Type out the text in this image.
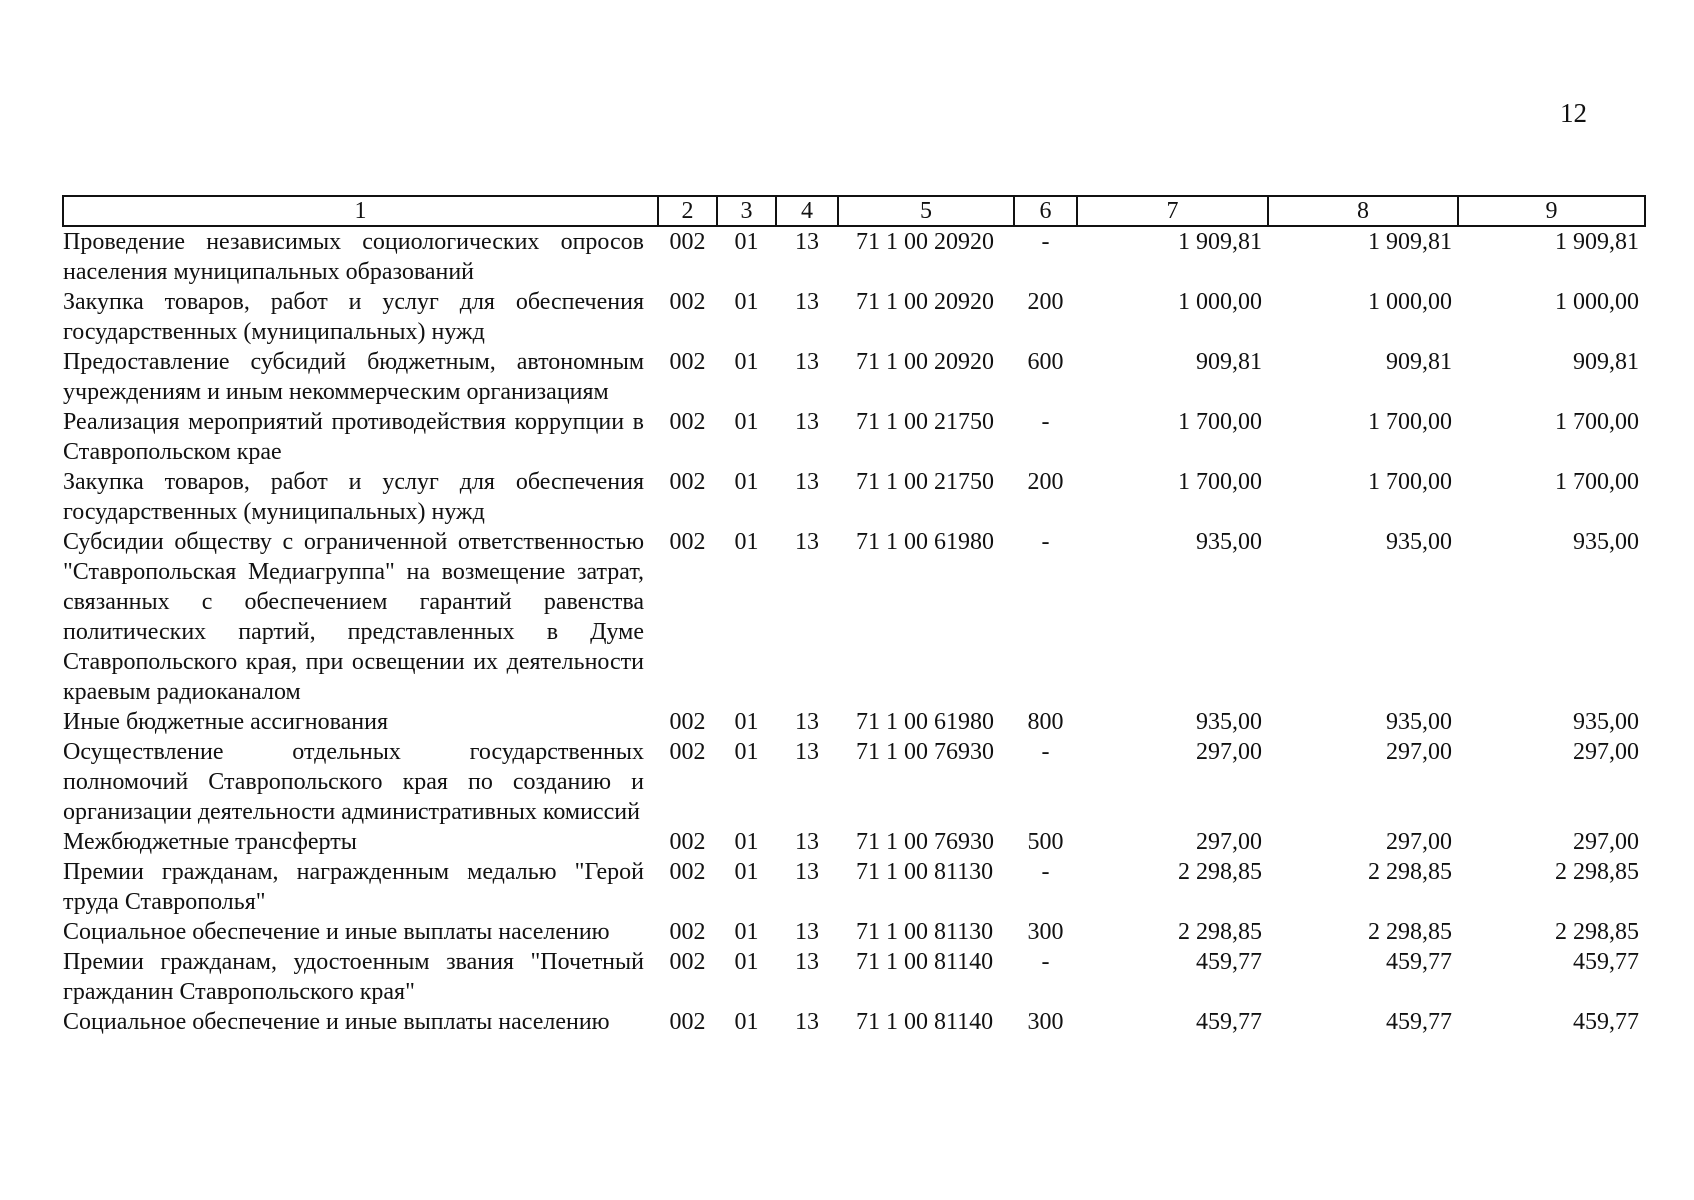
12
1	2	3	4	5	6	7	8	9
Проведение независимых социологических опросов населения муниципальных образований	002	01	13	71 1 00 20920	-	1 909,81	1 909,81	1 909,81
Закупка товаров, работ и услуг для обеспечения государственных (муниципальных) нужд	002	01	13	71 1 00 20920	200	1 000,00	1 000,00	1 000,00
Предоставление субсидий бюджетным, автономным учреждениям и иным некоммерческим организациям	002	01	13	71 1 00 20920	600	909,81	909,81	909,81
Реализация мероприятий противодействия коррупции в Ставропольском крае	002	01	13	71 1 00 21750	-	1 700,00	1 700,00	1 700,00
Закупка товаров, работ и услуг для обеспечения государственных (муниципальных) нужд	002	01	13	71 1 00 21750	200	1 700,00	1 700,00	1 700,00
Субсидии обществу с ограниченной ответственностью "Ставропольская Медиагруппа" на возмещение затрат, связанных с обеспечением гарантий равенства политических партий, представленных в Думе Ставропольского края, при освещении их деятельности краевым радиоканалом	002	01	13	71 1 00 61980	-	935,00	935,00	935,00
Иные бюджетные ассигнования	002	01	13	71 1 00 61980	800	935,00	935,00	935,00
Осуществление отдельных государственных полномочий Ставропольского края по созданию и организации деятельности административных комиссий	002	01	13	71 1 00 76930	-	297,00	297,00	297,00
Межбюджетные трансферты	002	01	13	71 1 00 76930	500	297,00	297,00	297,00
Премии гражданам, награжденным медалью "Герой труда Ставрополья"	002	01	13	71 1 00 81130	-	2 298,85	2 298,85	2 298,85
Социальное обеспечение и иные выплаты населению	002	01	13	71 1 00 81130	300	2 298,85	2 298,85	2 298,85
Премии гражданам, удостоенным звания "Почетный гражданин Ставропольского края"	002	01	13	71 1 00 81140	-	459,77	459,77	459,77
Социальное обеспечение и иные выплаты населению	002	01	13	71 1 00 81140	300	459,77	459,77	459,77
